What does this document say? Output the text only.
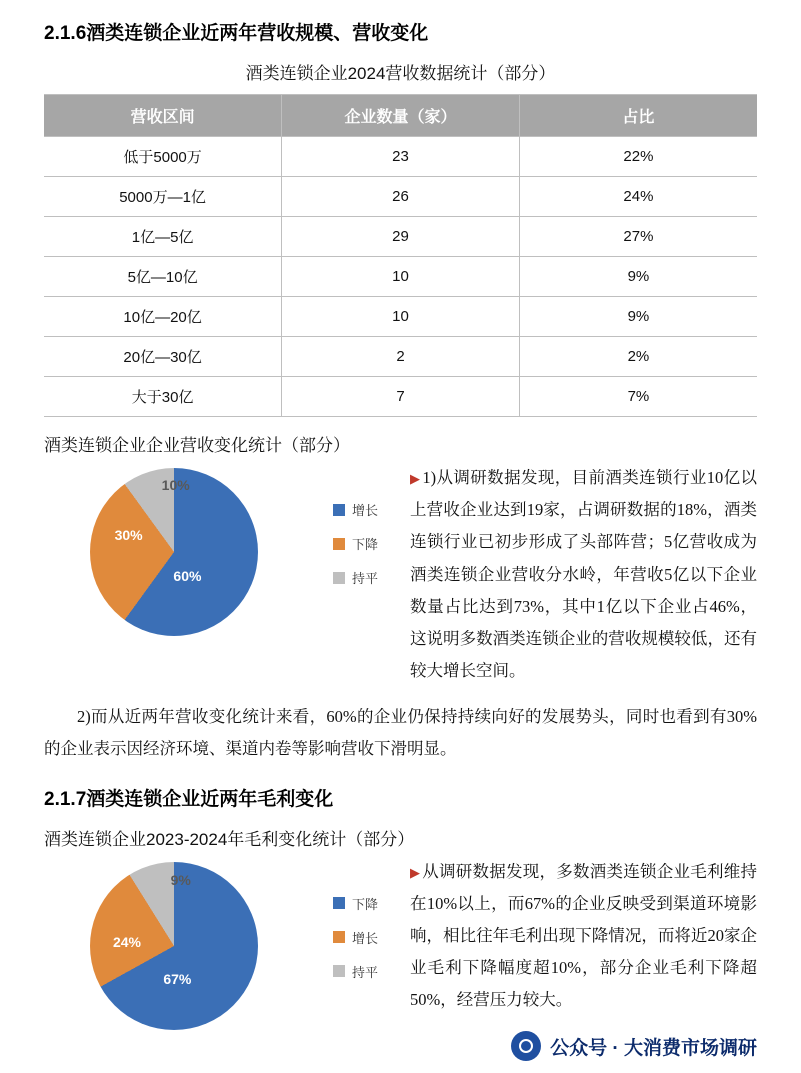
2.1.6酒类连锁企业近两年营收规模、营收变化
酒类连锁企业2024营收数据统计（部分）
营收区间	企业数量（家）	占比
低于5000万	23	22%
5000万—1亿	26	24%
1亿—5亿	29	27%
5亿—10亿	10	9%
10亿—20亿	10	9%
20亿—30亿	2	2%
大于30亿	7	7%
酒类连锁企业企业营收变化统计（部分）
60%
30%
10%
增长
下降
持平
▶ 1)从调研数据发现，目前酒类连锁行业10亿以上营收企业达到19家，占调研数据的18%，酒类连锁行业已初步形成了头部阵营；5亿营收成为酒类连锁企业营收分水岭，年营收5亿以下企业数量占比达到73%，其中1亿以下企业占46%，这说明多数酒类连锁企业的营收规模较低，还有较大增长空间。

2)而从近两年营收变化统计来看，60%的企业仍保持持续向好的发展势头，同时也看到有30%的企业表示因经济环境、渠道内卷等影响营收下滑明显。

2.1.7酒类连锁企业近两年毛利变化
酒类连锁企业2023-2024年毛利变化统计（部分）
67%
24%
9%
下降
增长
持平
▶ 从调研数据发现，多数酒类连锁企业毛利维持在10%以上，而67%的企业反映受到渠道环境影响，相比往年毛利出现下降情况，而将近20家企业毛利下降幅度超10%，部分企业毛利下降超50%，经营压力较大。
公众号 · 大消费市场调研
